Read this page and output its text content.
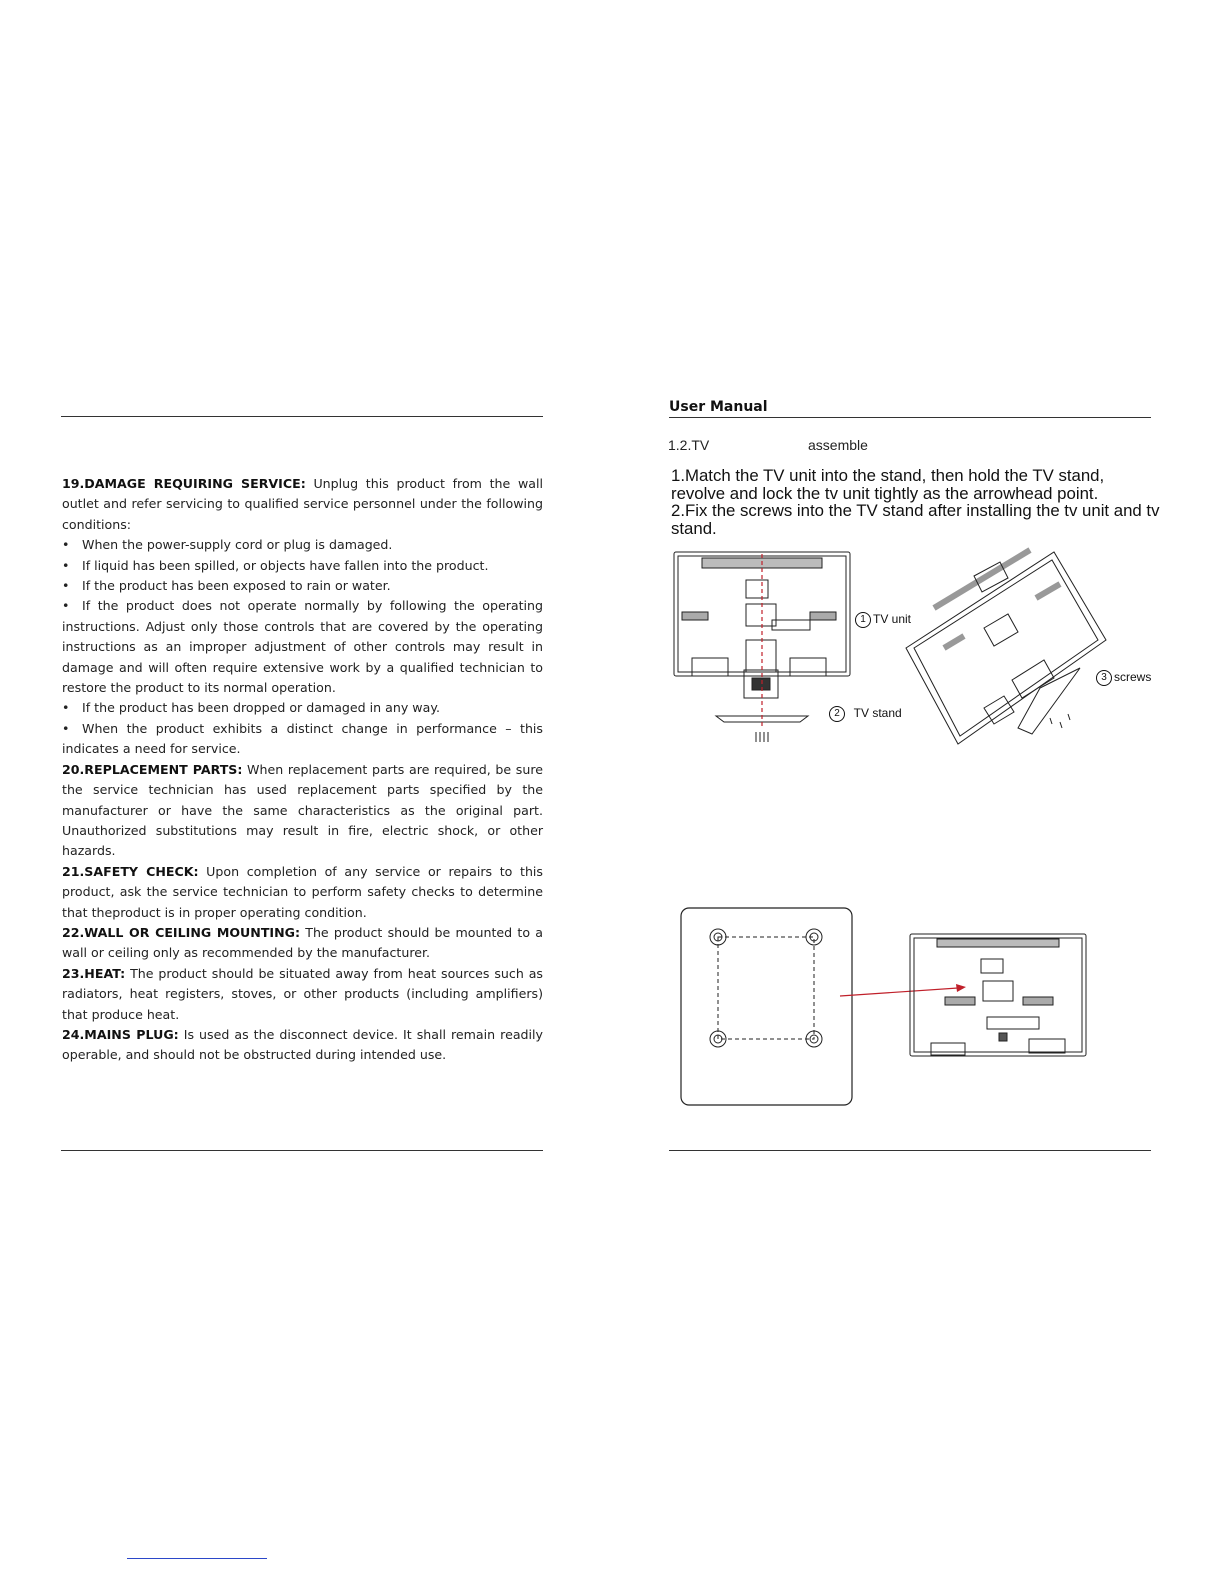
19.DAMAGE REQUIRING SERVICE: Unplug this product from the wall outlet and refer servicing to qualified service personnel under the following conditions:

• When the power-supply cord or plug is damaged.

• If liquid has been spilled, or objects have fallen into the product.

• If the product has been exposed to rain or water.

• If the product does not operate normally by following the operating instructions. Adjust only those controls that are covered by the operating instructions as an improper adjustment of other controls may result in damage and will often require extensive work by a qualified technician to restore the product to its normal operation.

• If the product has been dropped or damaged in any way.

• When the product exhibits a distinct change in performance – this indicates a need for service.

20.REPLACEMENT PARTS: When replacement parts are required, be sure the service technician has used replacement parts specified by the manufacturer or have the same characteristics as the original part. Unauthorized substitutions may result in fire, electric shock, or other hazards.

21.SAFETY CHECK: Upon completion of any service or repairs to this product, ask the service technician to perform safety checks to determine that theproduct is in proper operating condition.

22.WALL OR CEILING MOUNTING: The product should be mounted to a wall or ceiling only as recommended by the manufacturer.

23.HEAT: The product should be situated away from heat sources such as radiators, heat registers, stoves, or other products (including amplifiers) that produce heat.

24.MAINS PLUG: Is used as the disconnect device. It shall remain readily operable, and should not be obstructed during intended use.

User Manual
1.2.TV	assemble

1.Match the TV unit into the stand, then hold the TV stand, revolve and lock the tv unit tightly as the arrowhead point.

2.Fix the screws into the TV stand after installing the tv unit and tv stand.

1 TV unit
2 TV stand
3 screws
